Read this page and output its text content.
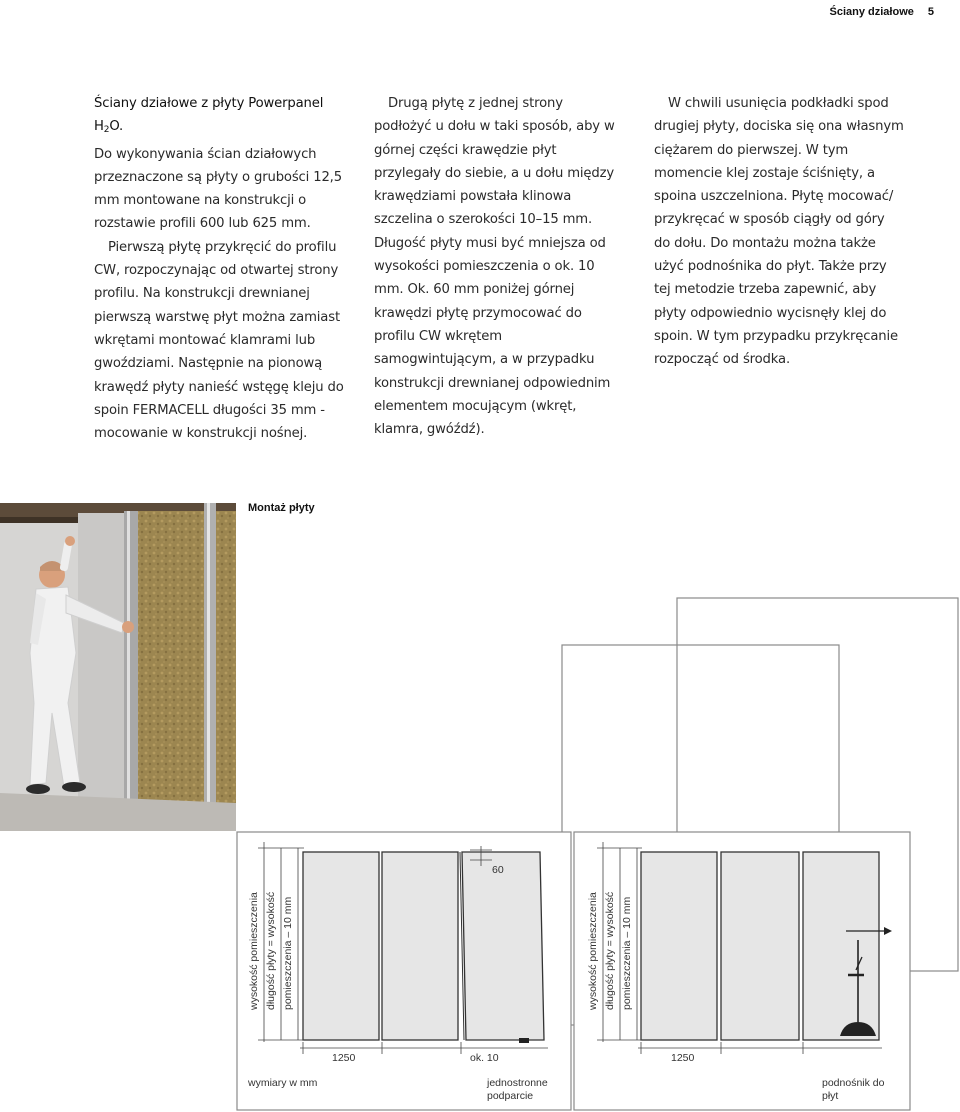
Ściany działowe 5

Ściany działowe z płyty Powerpanel $H_2O$.

Do wykonywania ścian działowych przeznaczone są płyty o grubości 12,5 mm montowane na konstrukcji o rozstawie profili 600 lub 625 mm.

Pierwszą płytę przykręcić do profilu CW, rozpoczynając od otwartej strony profilu. Na konstrukcji drewnianej pierwszą warstwę płyt można zamiast wkrętami montować klamrami lub gwoździami. Następnie na pionową krawędź płyty nanieść wstęgę kleju do spoin FERMACELL długości 35 mm - mocowanie w konstrukcji nośnej.

Drugą płytę z jednej strony podłożyć u dołu w taki sposób, aby w górnej części krawędzie płyt przylegały do siebie, a u dołu między krawędziami powstała klinowa szczelina o szerokości 10–15 mm. Długość płyty musi być mniejsza od wysokości pomieszczenia o ok. 10 mm. Ok. 60 mm poniżej górnej krawędzi płytę przymocować do profilu CW wkrętem samogwintującym, a w przypadku konstrukcji drewnianej odpowiednim elementem mocującym (wkręt, klamra, gwóźdź).

W chwili usunięcia podkładki spod drugiej płyty, dociska się ona własnym ciężarem do pierwszej. W tym momencie klej zostaje ściśnięty, a spoina uszczelniona. Płytę mocować/ przykręcać w sposób ciągły od góry do dołu. Do montażu można także użyć podnośnika do płyt. Także przy tej metodzie trzeba zapewnić, aby płyty odpowiednio wycisnęły klej do spoin. W tym przypadku przykręcanie rozpocząć od środka.

Montaż płyty
wysokość pomieszczenia długość płyty = wysokość pomieszczenia – 10 mm	wysokość pomieszczenia długość płyty = wysokość pomieszczenia – 10 mm
60
1250	ok. 10	1250
wymiary w mm	jednostronne podparcie
podnośnik do płyt
